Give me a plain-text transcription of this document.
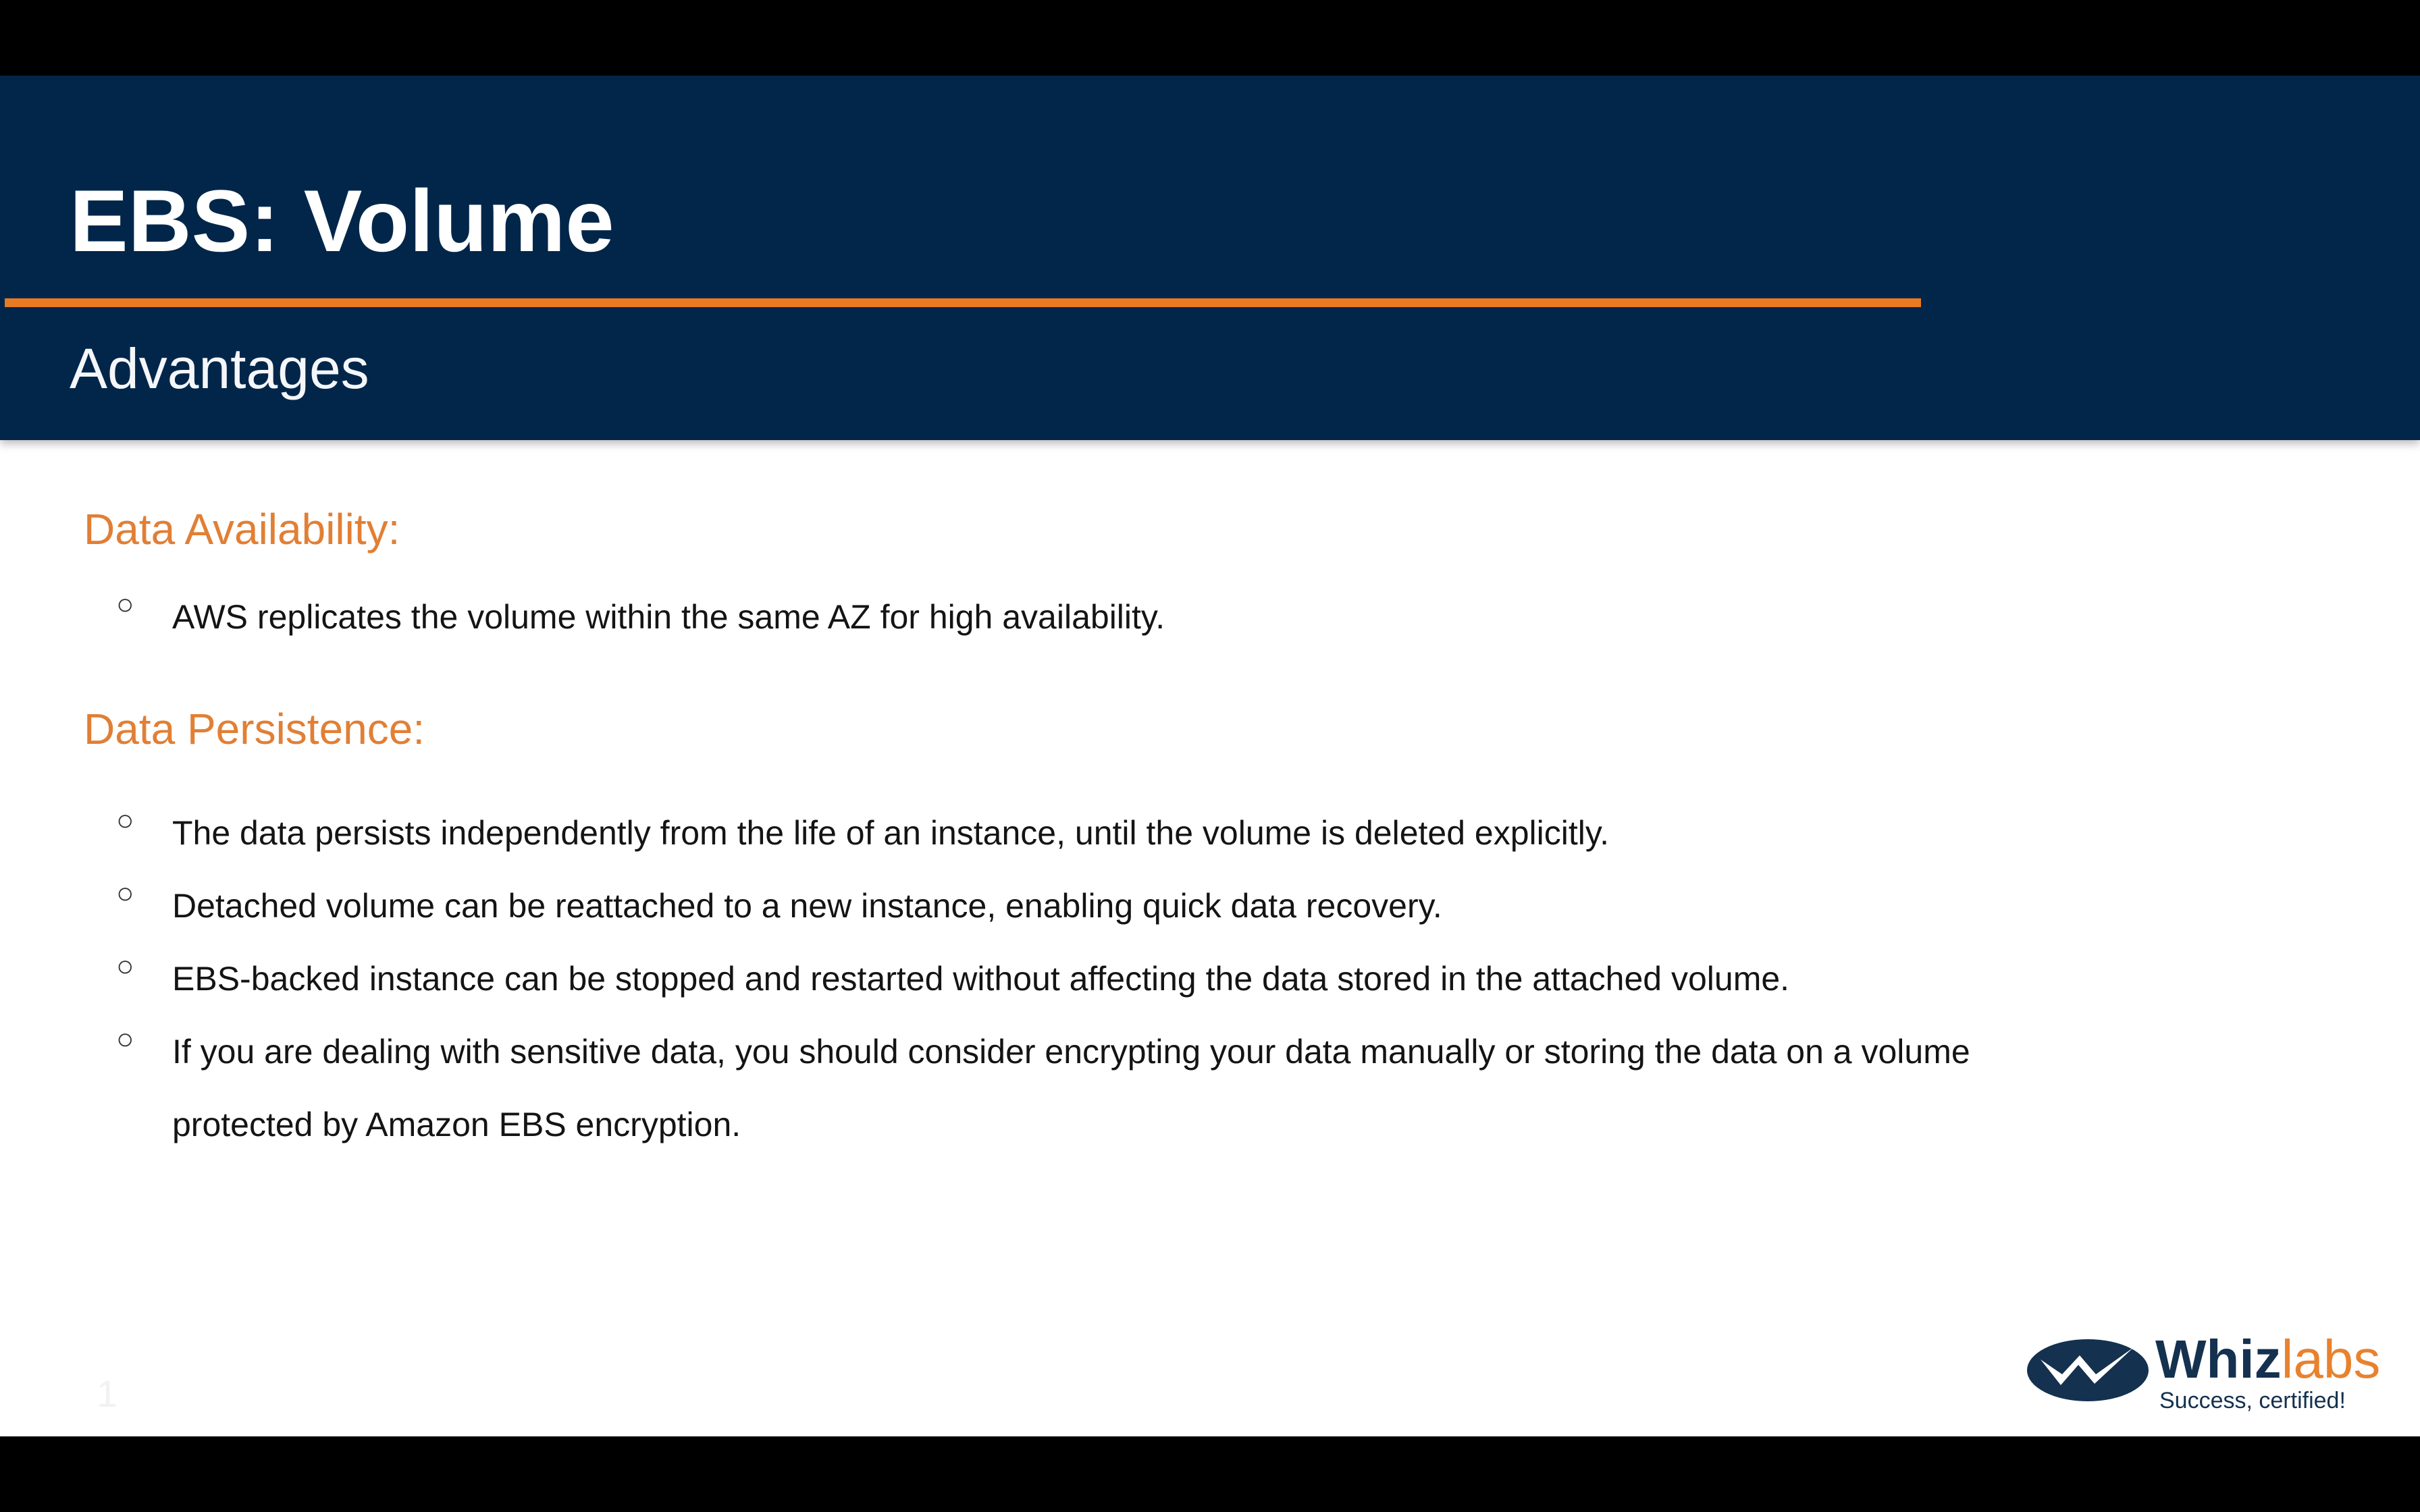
EBS: Volume
Advantages
Data Availability:
○ AWS replicates the volume within the same AZ for high availability.
Data Persistence:
○ The data persists independently from the life of an instance, until the volume is deleted explicitly.
○ Detached volume can be reattached to a new instance, enabling quick data recovery.
○ EBS-backed instance can be stopped and restarted without affecting the data stored in the attached volume.
○ If you are dealing with sensitive data, you should consider encrypting your data manually or storing the data on a volume protected by Amazon EBS encryption.
1
Whizlabs
Success, certified!
